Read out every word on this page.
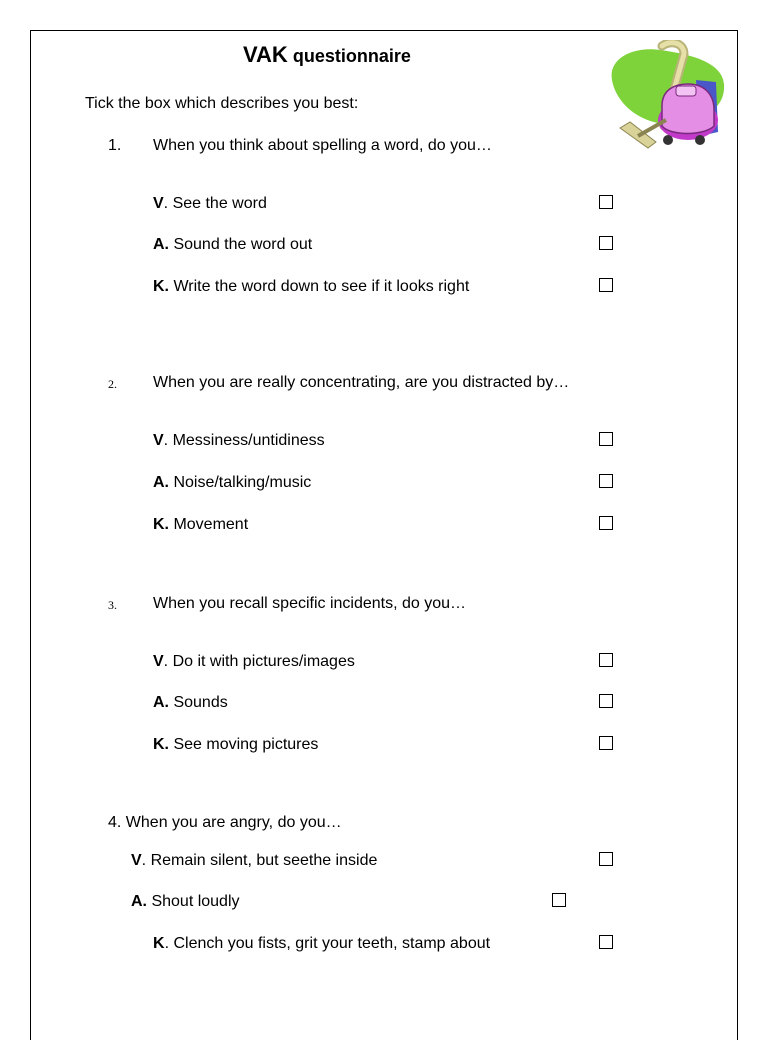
VAK questionnaire
Tick the box which describes you best:
1. When you think about spelling a word, do you…
V. See the word
A. Sound the word out
K. Write the word down to see if it looks right
2. When you are really concentrating, are you distracted by…
V. Messiness/untidiness
A. Noise/talking/music
K. Movement
3. When you recall specific incidents, do you…
V. Do it with pictures/images
A. Sounds
K. See moving pictures
4. When you are angry, do you…
V. Remain silent, but seethe inside
A. Shout loudly
K. Clench you fists, grit your teeth, stamp about
